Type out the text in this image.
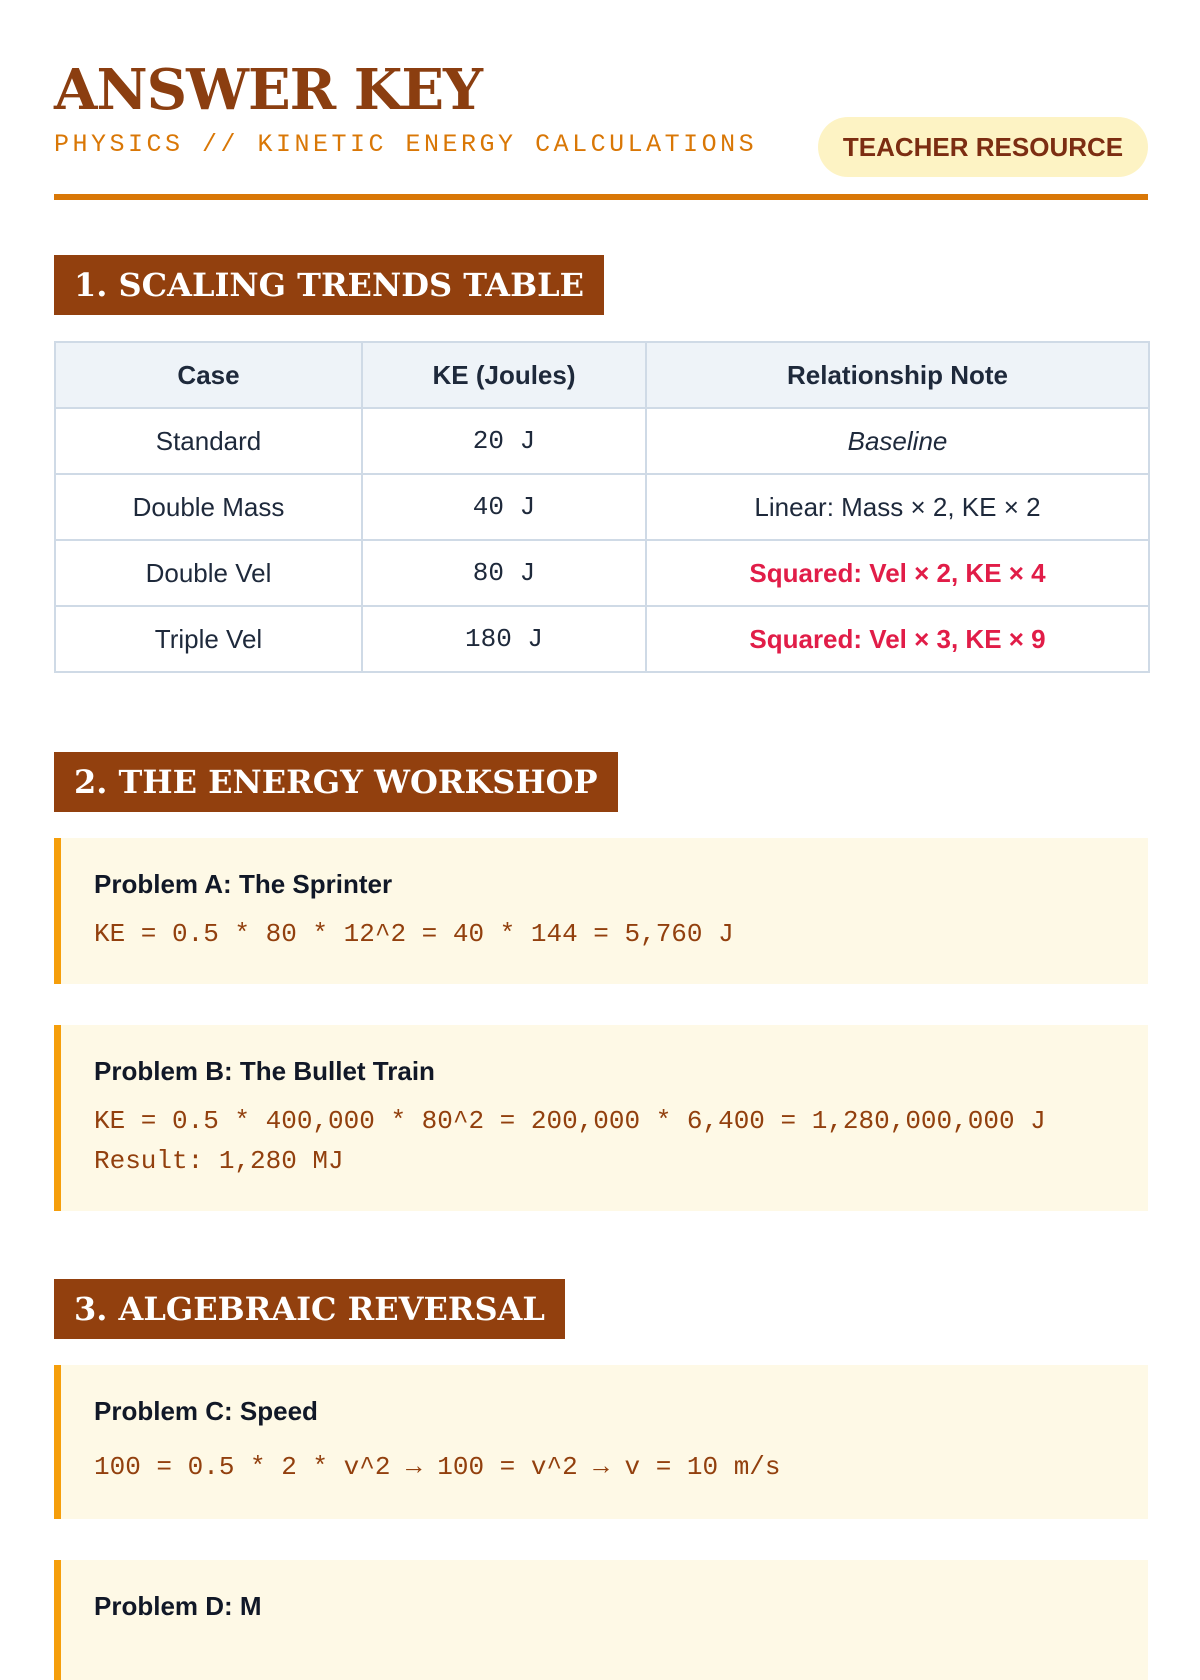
ANSWER KEY
PHYSICS // KINETIC ENERGY CALCULATIONS	TEACHER RESOURCE
1. SCALING TRENDS TABLE
Case	KE (Joules)	Relationship Note
Standard	20 J	Baseline
Double Mass	40 J	Linear: Mass × 2, KE × 2
Double Vel	80 J	Squared: Vel × 2, KE × 4
Triple Vel	180 J	Squared: Vel × 3, KE × 9
2. THE ENERGY WORKSHOP
Problem A: The Sprinter
KE = 0.5 * 80 * 12^2 = 40 * 144 = 5,760 J
Problem B: The Bullet Train
KE = 0.5 * 400,000 * 80^2 = 200,000 * 6,400 = 1,280,000,000 J
Result: 1,280 MJ
3. ALGEBRAIC REVERSAL
Problem C: Speed
100 = 0.5 * 2 * v^2 → 100 = v^2 → v = 10 m/s
Problem D: M
